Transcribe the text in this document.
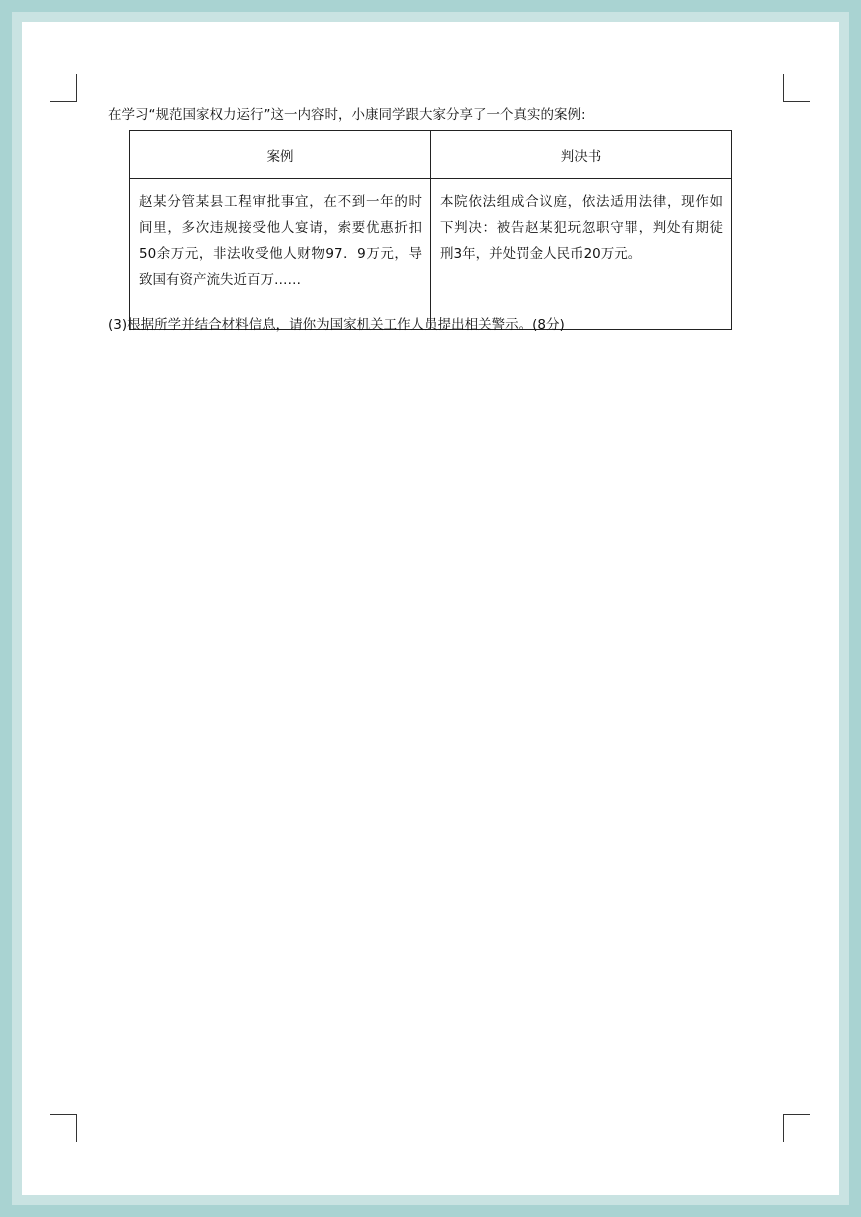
在学习“规范国家权力运行”这一内容时，小康同学跟大家分享了一个真实的案例:
案例	判决书
赵某分管某县工程审批事宜，在不到一年的时间里，多次违规接受他人宴请，索要优惠折扣50余万元，非法收受他人财物97．9万元，导致国有资产流失近百万……	本院依法组成合议庭，依法适用法律，现作如下判决：被告赵某犯玩忽职守罪，判处有期徒刑3年，并处罚金人民币20万元。
(3)根据所学并结合材料信息，请你为国家机关工作人员提出相关警示。(8分)
